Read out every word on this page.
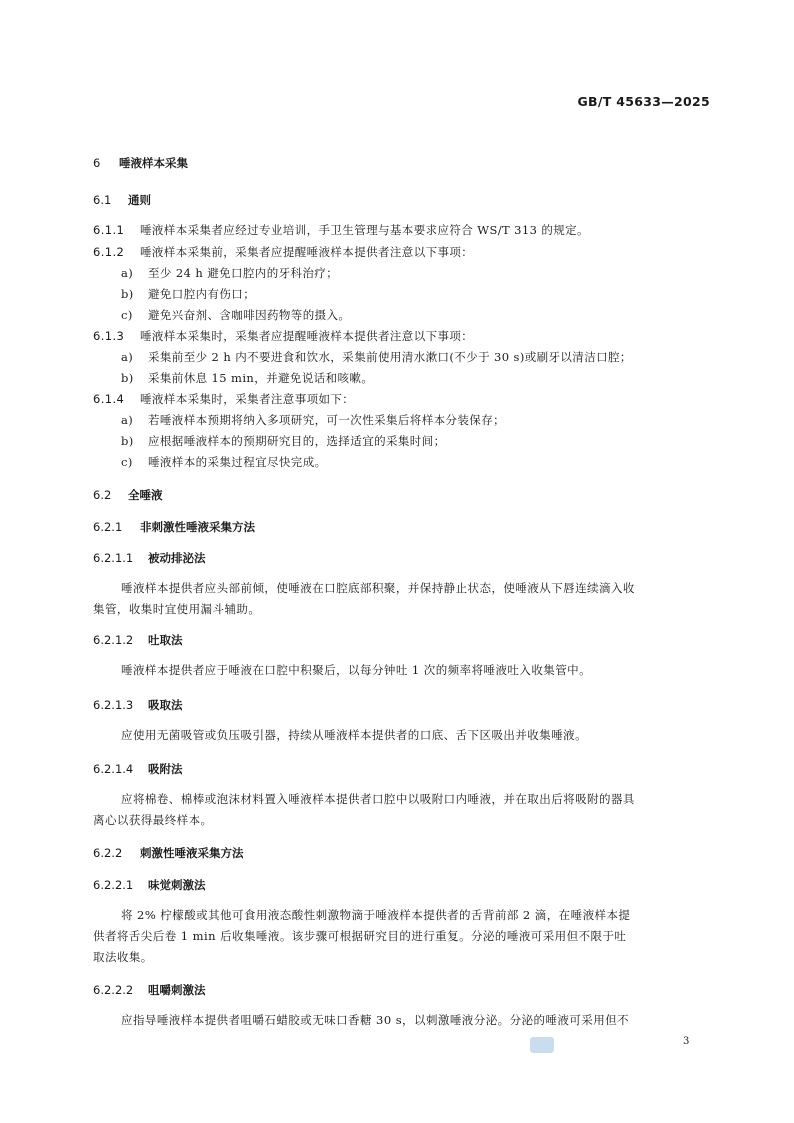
GB/T 45633—2025
6 唾液样本采集
6.1 通则
6.1.1 唾液样本采集者应经过专业培训，手卫生管理与基本要求应符合 WS/T 313 的规定。
6.1.2 唾液样本采集前，采集者应提醒唾液样本提供者注意以下事项：
a) 至少 24 h 避免口腔内的牙科治疗；
b) 避免口腔内有伤口；
c) 避免兴奋剂、含咖啡因药物等的摄入。
6.1.3 唾液样本采集时，采集者应提醒唾液样本提供者注意以下事项：
a) 采集前至少 2 h 内不要进食和饮水，采集前使用清水漱口(不少于 30 s)或刷牙以清洁口腔；
b) 采集前休息 15 min，并避免说话和咳嗽。
6.1.4 唾液样本采集时，采集者注意事项如下：
a) 若唾液样本预期将纳入多项研究，可一次性采集后将样本分装保存；
b) 应根据唾液样本的预期研究目的，选择适宜的采集时间；
c) 唾液样本的采集过程宜尽快完成。
6.2 全唾液
6.2.1 非刺激性唾液采集方法
6.2.1.1 被动排泌法
唾液样本提供者应头部前倾，使唾液在口腔底部积聚，并保持静止状态，使唾液从下唇连续滴入收
集管，收集时宜使用漏斗辅助。
6.2.1.2 吐取法
唾液样本提供者应于唾液在口腔中积聚后，以每分钟吐 1 次的频率将唾液吐入收集管中。
6.2.1.3 吸取法
应使用无菌吸管或负压吸引器，持续从唾液样本提供者的口底、舌下区吸出并收集唾液。
6.2.1.4 吸附法
应将棉卷、棉棒或泡沫材料置入唾液样本提供者口腔中以吸附口内唾液，并在取出后将吸附的器具
离心以获得最终样本。
6.2.2 刺激性唾液采集方法
6.2.2.1 味觉刺激法
将 2% 柠檬酸或其他可食用液态酸性刺激物滴于唾液样本提供者的舌背前部 2 滴，在唾液样本提
供者将舌尖后卷 1 min 后收集唾液。该步骤可根据研究目的进行重复。分泌的唾液可采用但不限于吐
取法收集。
6.2.2.2 咀嚼刺激法
应指导唾液样本提供者咀嚼石蜡胶或无味口香糖 30 s，以刺激唾液分泌。分泌的唾液可采用但不
3
